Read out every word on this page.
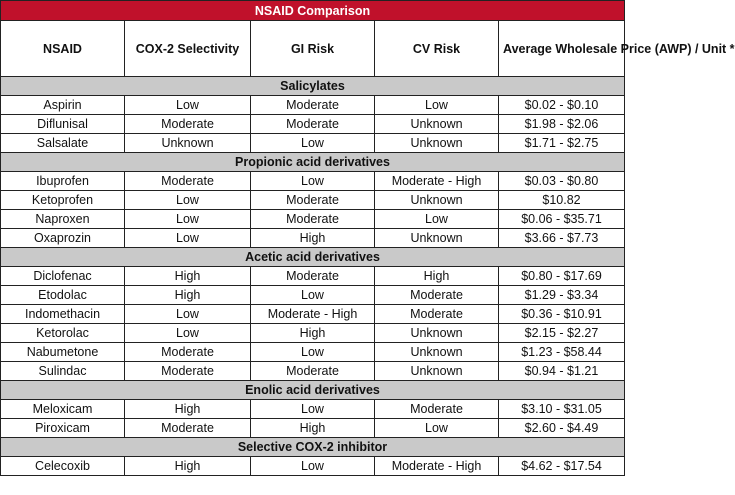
NSAID Comparison				
NSAID	COX-2 Selectivity	GI Risk	CV Risk	Average Wholesale Price (AWP) / Unit *
Salicylates				
Aspirin	Low	Moderate	Low	$0.02 - $0.10
Diflunisal	Moderate	Moderate	Unknown	$1.98 - $2.06
Salsalate	Unknown	Low	Unknown	$1.71 - $2.75
Propionic acid derivatives				
Ibuprofen	Moderate	Low	Moderate - High	$0.03 - $0.80
Ketoprofen	Low	Moderate	Unknown	$10.82
Naproxen	Low	Moderate	Low	$0.06 - $35.71
Oxaprozin	Low	High	Unknown	$3.66 - $7.73
Acetic acid derivatives				
Diclofenac	High	Moderate	High	$0.80 - $17.69
Etodolac	High	Low	Moderate	$1.29 - $3.34
Indomethacin	Low	Moderate - High	Moderate	$0.36 - $10.91
Ketorolac	Low	High	Unknown	$2.15 - $2.27
Nabumetone	Moderate	Low	Unknown	$1.23 - $58.44
Sulindac	Moderate	Moderate	Unknown	$0.94 - $1.21
Enolic acid derivatives				
Meloxicam	High	Low	Moderate	$3.10 - $31.05
Piroxicam	Moderate	High	Low	$2.60 - $4.49
Selective COX-2 inhibitor				
Celecoxib	High	Low	Moderate - High	$4.62 - $17.54
